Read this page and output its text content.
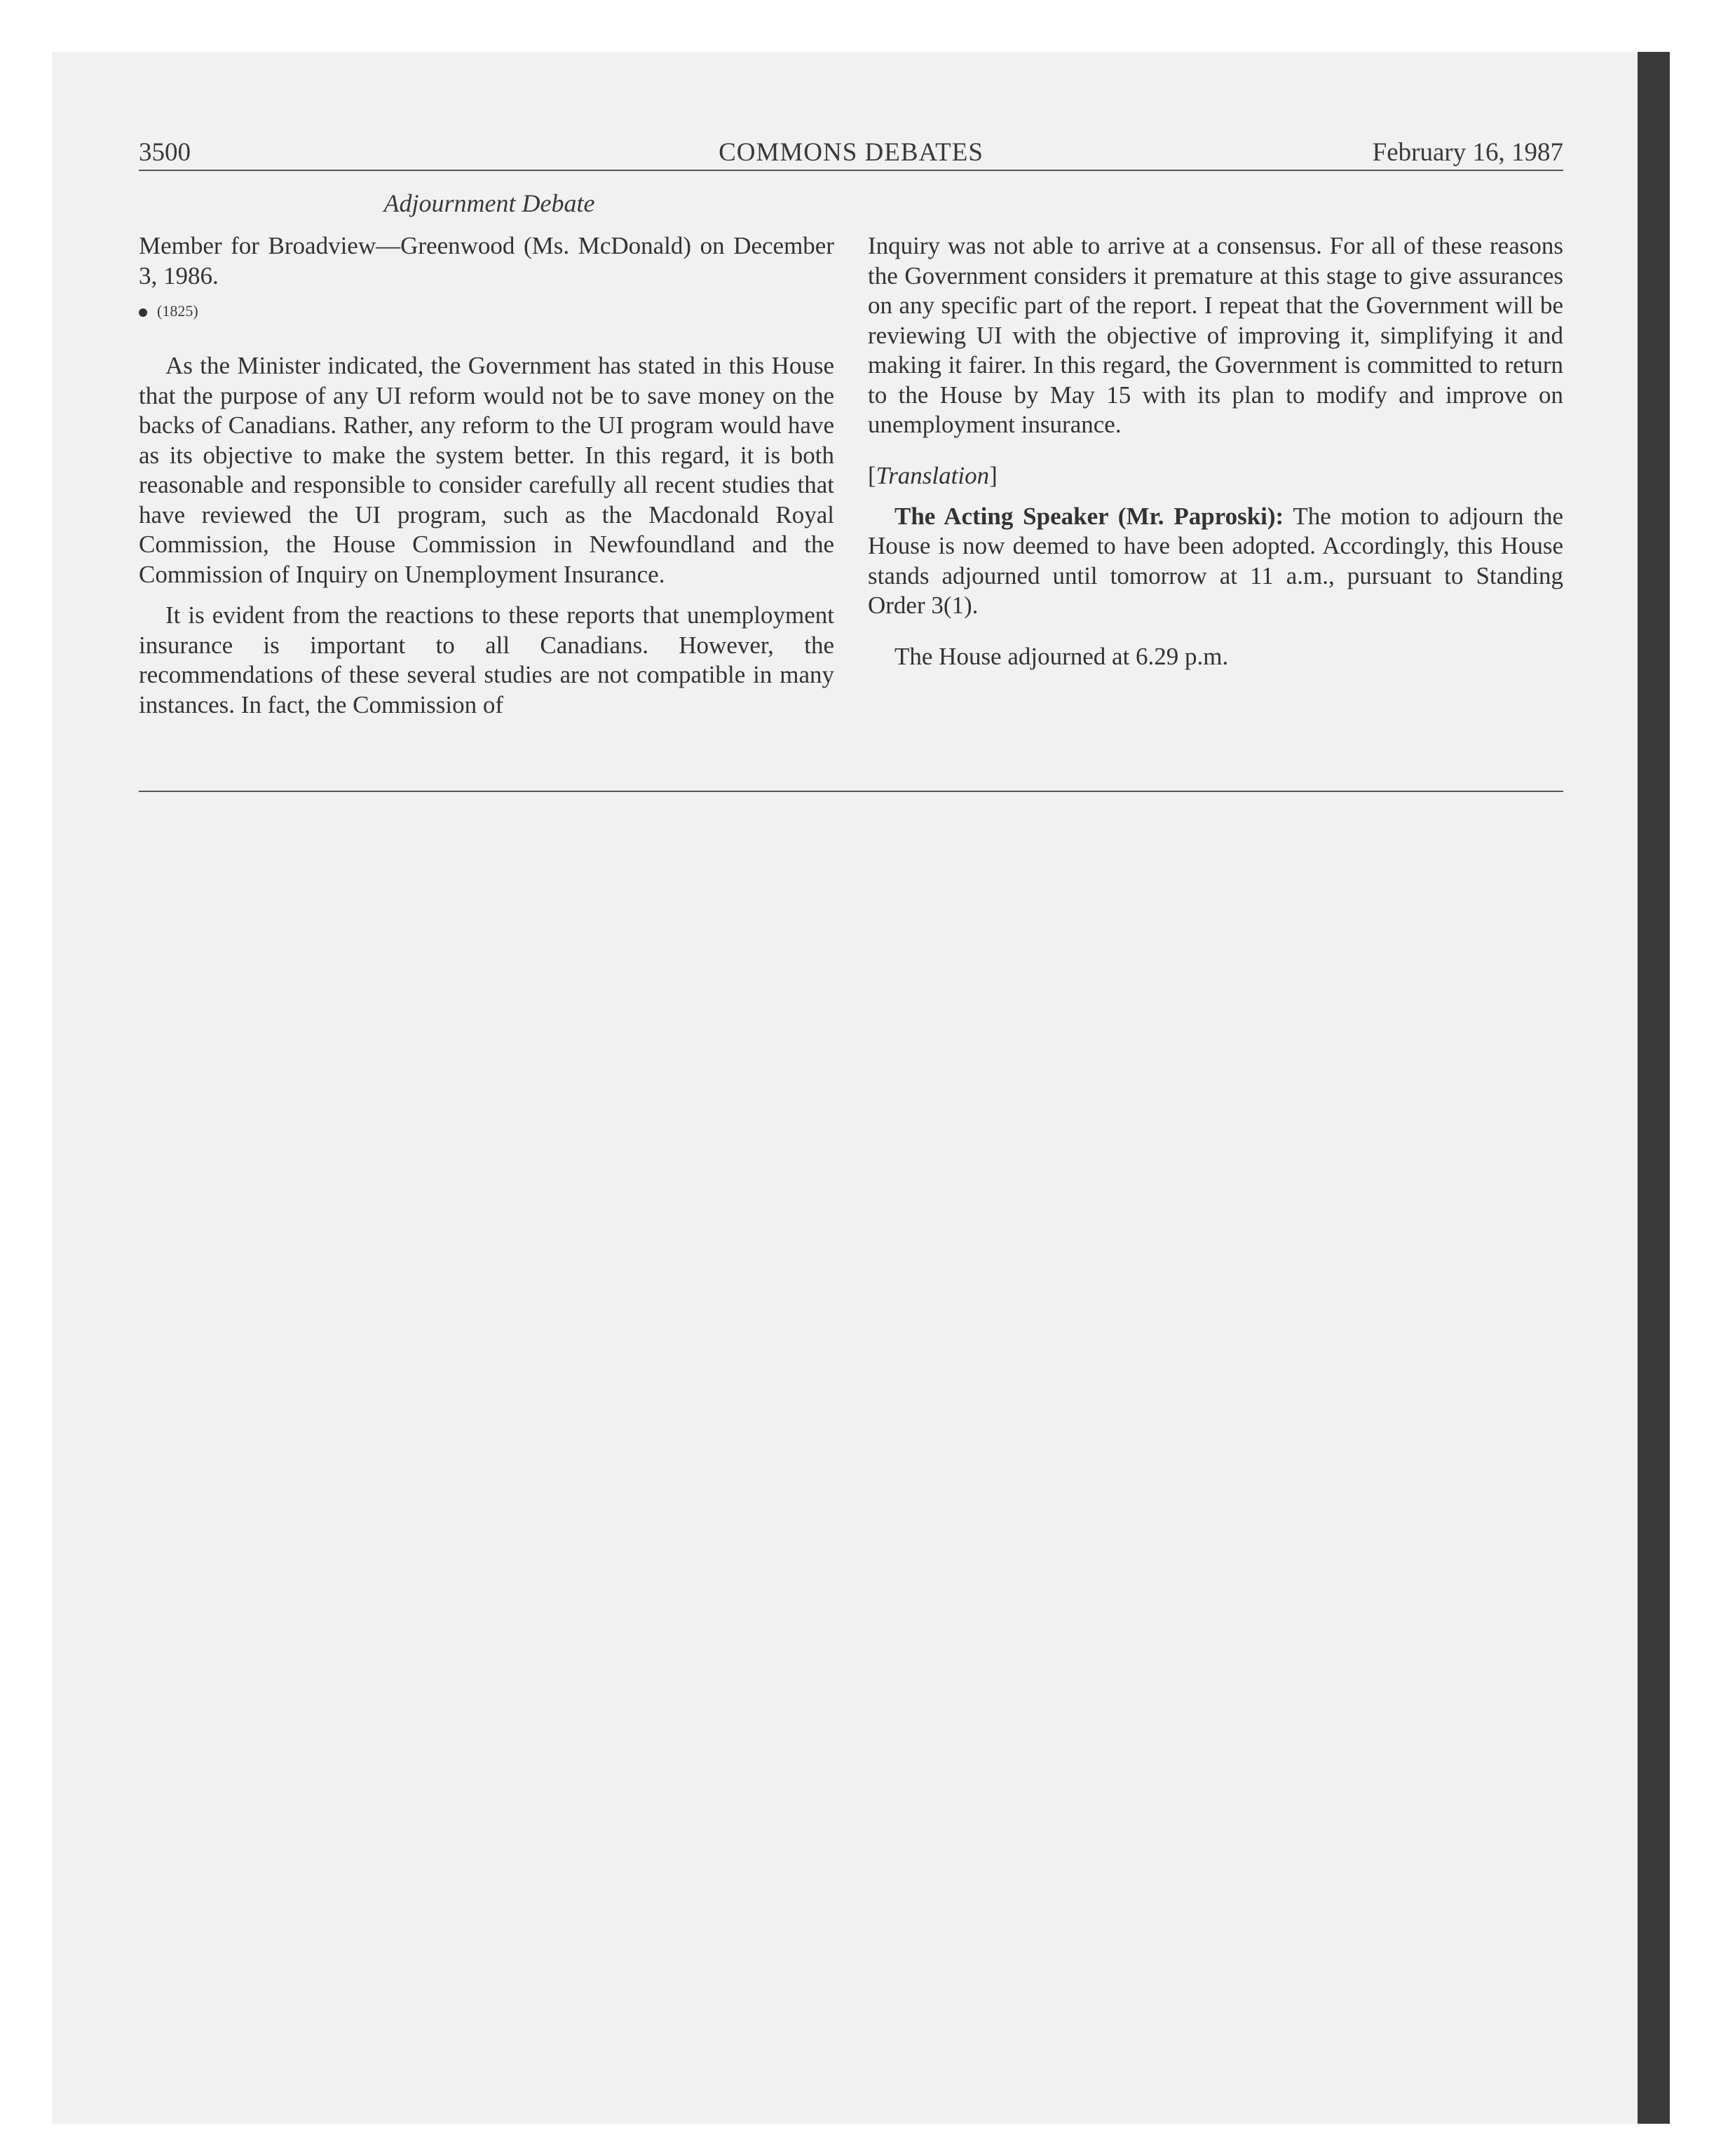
3500	COMMONS DEBATES	February 16, 1987
Adjournment Debate

Member for Broadview—Greenwood (Ms. McDonald) on December 3, 1986.

(1825)

As the Minister indicated, the Government has stated in this House that the purpose of any UI reform would not be to save money on the backs of Canadians. Rather, any reform to the UI program would have as its objective to make the system better. In this regard, it is both reasonable and responsible to consider carefully all recent studies that have reviewed the UI program, such as the Macdonald Royal Commission, the House Commission in Newfoundland and the Commission of Inquiry on Unemployment Insurance.

It is evident from the reactions to these reports that unemployment insurance is important to all Canadians. However, the recommendations of these several studies are not compatible in many instances. In fact, the Commission of

Inquiry was not able to arrive at a consensus. For all of these reasons the Government considers it premature at this stage to give assurances on any specific part of the report. I repeat that the Government will be reviewing UI with the objective of improving it, simplifying it and making it fairer. In this regard, the Government is committed to return to the House by May 15 with its plan to modify and improve on unemployment insurance.

[Translation]

The Acting Speaker (Mr. Paproski): The motion to adjourn the House is now deemed to have been adopted. Accordingly, this House stands adjourned until tomorrow at 11 a.m., pursuant to Standing Order 3(1).

The House adjourned at 6.29 p.m.
